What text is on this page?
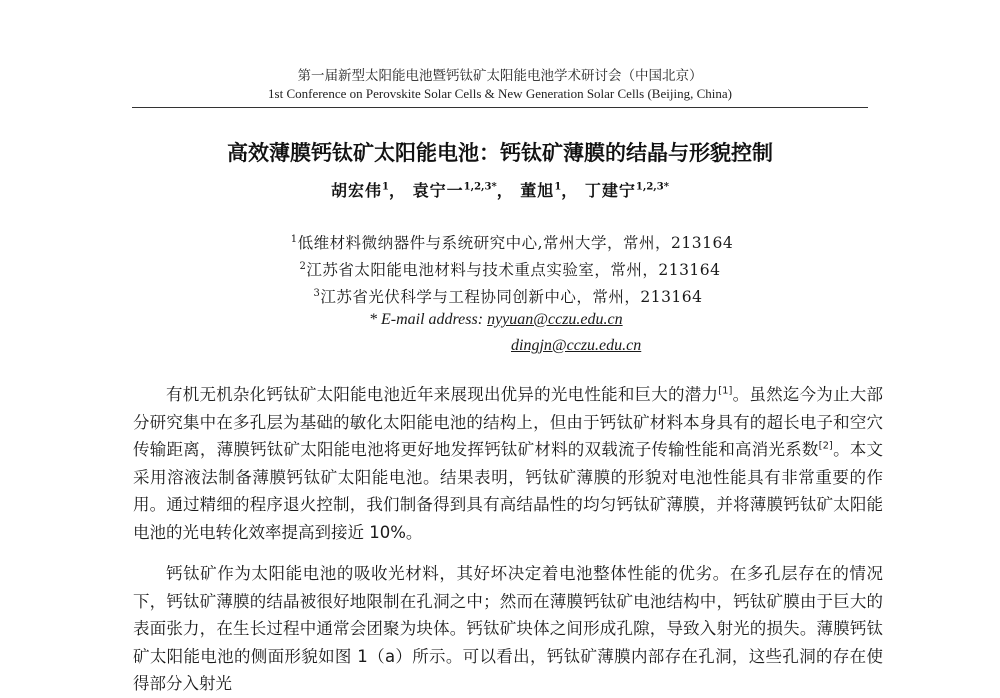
第一届新型太阳能电池暨钙钛矿太阳能电池学术研讨会（中国北京）
1st Conference on Perovskite Solar Cells & New Generation Solar Cells (Beijing, China)
高效薄膜钙钛矿太阳能电池：钙钛矿薄膜的结晶与形貌控制
胡宏伟$^1$， 袁宁一$^{1,2,3*}$， 董旭$^1$， 丁建宁$^{1,2,3*}$
$^1$低维材料微纳器件与系统研究中心,常州大学，常州，213164
$^2$江苏省太阳能电池材料与技术重点实验室，常州，213164
$^3$江苏省光伏科学与工程协同创新中心，常州，213164
* E-mail address: nyyuan@cczu.edu.cn
dingjn@cczu.edu.cn
有机无机杂化钙钛矿太阳能电池近年来展现出优异的光电性能和巨大的潜力[1]。虽然迄今为止大部分研究集中在多孔层为基础的敏化太阳能电池的结构上，但由于钙钛矿材料本身具有的超长电子和空穴传输距离，薄膜钙钛矿太阳能电池将更好地发挥钙钛矿材料的双载流子传输性能和高消光系数[2]。本文采用溶液法制备薄膜钙钛矿太阳能电池。结果表明，钙钛矿薄膜的形貌对电池性能具有非常重要的作用。通过精细的程序退火控制，我们制备得到具有高结晶性的均匀钙钛矿薄膜，并将薄膜钙钛矿太阳能电池的光电转化效率提高到接近 10%。
钙钛矿作为太阳能电池的吸收光材料，其好坏决定着电池整体性能的优劣。在多孔层存在的情况下，钙钛矿薄膜的结晶被很好地限制在孔洞之中；然而在薄膜钙钛矿电池结构中，钙钛矿膜由于巨大的表面张力，在生长过程中通常会团聚为块体。钙钛矿块体之间形成孔隙，导致入射光的损失。薄膜钙钛矿太阳能电池的侧面形貌如图 1（a）所示。可以看出，钙钛矿薄膜内部存在孔洞，这些孔洞的存在使得部分入射光
